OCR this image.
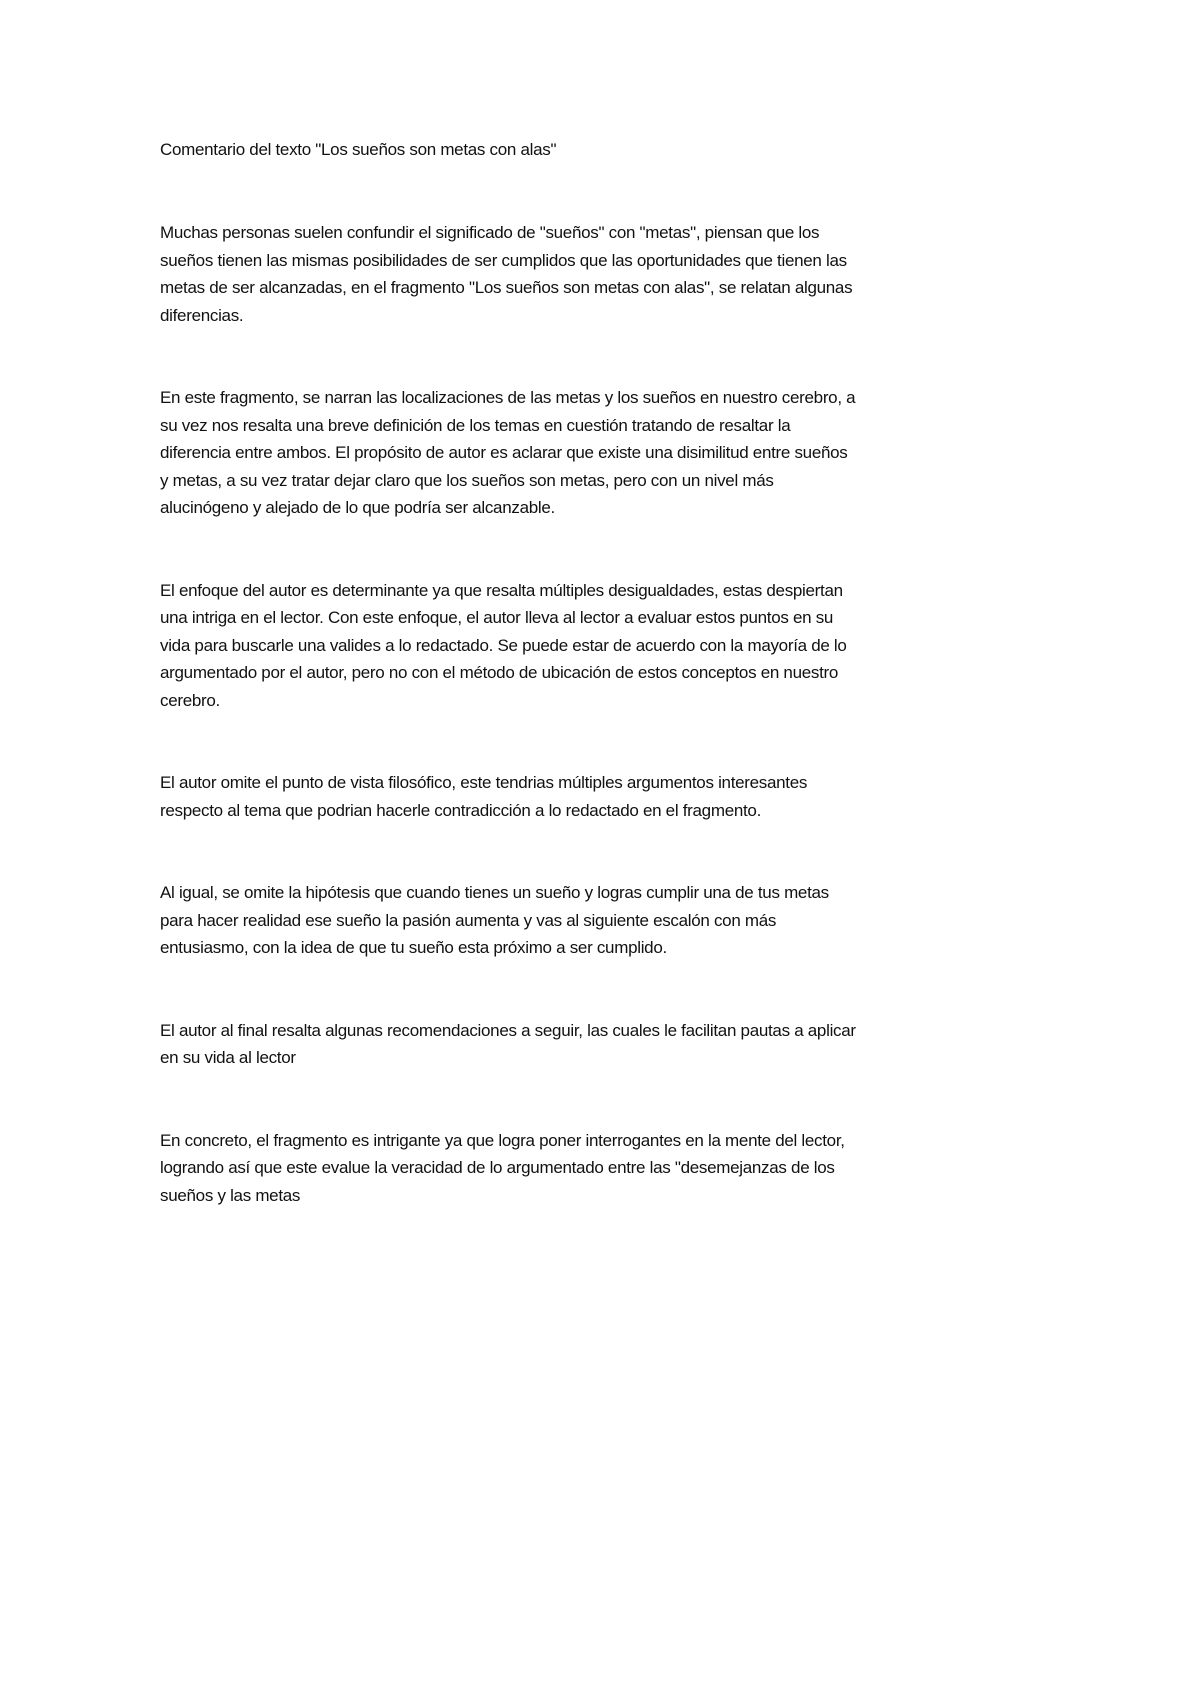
Comentario del texto "Los sueños son metas con alas"
Muchas personas suelen confundir el significado de "sueños" con "metas", piensan que los
sueños tienen las mismas posibilidades de ser cumplidos que las oportunidades que tienen las
metas de ser alcanzadas, en el fragmento "Los sueños son metas con alas", se relatan algunas
diferencias.
En este fragmento, se narran las localizaciones de las metas y los sueños en nuestro cerebro, a
su vez nos resalta una breve definición de los temas en cuestión tratando de resaltar la
diferencia entre ambos. El propósito de autor es aclarar que existe una disimilitud entre sueños
y metas, a su vez tratar dejar claro que los sueños son metas, pero con un nivel más
alucinógeno y alejado de lo que podría ser alcanzable.
El enfoque del autor es determinante ya que resalta múltiples desigualdades, estas despiertan
una intriga en el lector. Con este enfoque, el autor lleva al lector a evaluar estos puntos en su
vida para buscarle una valides a lo redactado. Se puede estar de acuerdo con la mayoría de lo
argumentado por el autor, pero no con el método de ubicación de estos conceptos en nuestro
cerebro.
El autor omite el punto de vista filosófico, este tendrias múltiples argumentos interesantes
respecto al tema que podrian hacerle contradicción a lo redactado en el fragmento.
Al igual, se omite la hipótesis que cuando tienes un sueño y logras cumplir una de tus metas
para hacer realidad ese sueño la pasión aumenta y vas al siguiente escalón con más
entusiasmo, con la idea de que tu sueño esta próximo a ser cumplido.
El autor al final resalta algunas recomendaciones a seguir, las cuales le facilitan pautas a aplicar
en su vida al lector
En concreto, el fragmento es intrigante ya que logra poner interrogantes en la mente del lector,
logrando así que este evalue la veracidad de lo argumentado entre las "desemejanzas de los
sueños y las metas
